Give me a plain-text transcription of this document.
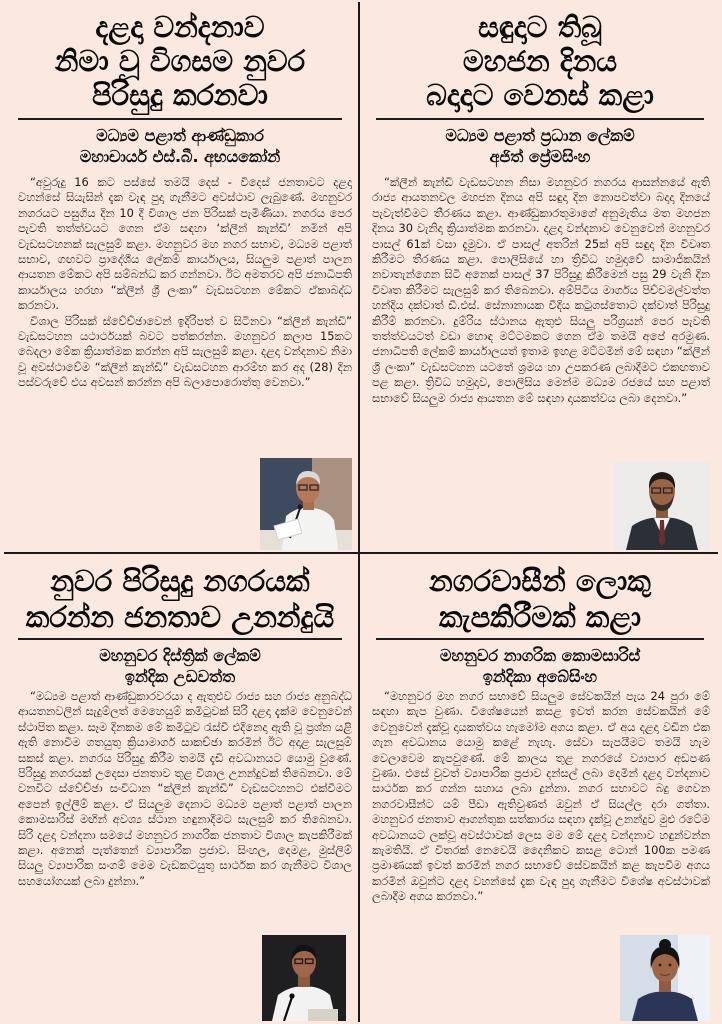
දළදා වන්දනාව
නිමා වූ විගසම නුවර
පිරිසුදු කරනවා
මධ්‍යම පළාත් ආණ්ඩුකාර
මහාචාර්ය එස්.බී. අභයකෝන්

“අවුරුදු 16 කට පස්සේ තමයි දෙස් - විදෙස් ජනතාවට දළදා වහන්සේ සියැසින් දැක වැඳ පුදා ගැනීමට අවස්ථාව ලැබුණේ. මහනුවර නගරයට පසුගිය දින 10 දී විශාල ජන පිරිසක් පැමිණියා. නගරය පෙර පැවති තත්ත්වයට ගෙන ඒම සඳහා ‘ක්ලීන් කැන්ඩි’ නමින් අපි වැඩසටහනක් සැලසුම් කළා. මහනුවර මහ නගර සභාව, මධ්‍යම පළාත් සභාව, ගඟවට ප්‍රාදේශීය ලේකම් කාර්යාලය, සියලුම පළාත් පාලන ආයතන මේකට අපි සම්බන්ධ කර ගන්නවා. ඊට අමතරව අපි ජනාධිපති කාර්යාලය හරහා “ක්ලීන් ශ්‍රී ලංකා” වැඩසටහන මේකට ඒකාබද්ධ කරනවා.

විශාල පිරිසක් ස්වේච්ඡාවෙන් ඉදිරිපත් ව සිටිනවා “ක්ලීන් කැන්ඩි” වැඩසටහන යථාර්ථයක් බවට පත්කරන්න. මහනුවර කලාප 15කට බෙදලා මේක ක්‍රියාත්මක කරන්න අපි සැලසුම් කළා. දළදා වන්දනාව නිමා වූ අවස්ථාවේම “ක්ලීන් කැන්ඩි” වැඩසටහන ආරම්භ කර අද (28) දින පස්වරුවේ එය අවසන් කරන්න අපි බලාපොරොත්තු වෙනවා.”

සඳුදාට තිබූ
මහජන දිනය
බදාදාට වෙනස් කළා
මධ්‍යම පළාත් ප්‍රධාන ලේකම්
අජිත් ප්‍රේමසිංහ

“ක්ලීන් කැන්ඩි වැඩසටහන නිසා මහනුවර නගරය ආසන්නයේ ඇති රාජ්‍ය ආයතනවල මහජන දිනය අපි සඳුදා දින නොපවත්වා බදාදා දිනයේ පැවැත්වීමට තීරණය කළා. ආණ්ඩුකාරතුමාගේ අනුමැතිය මත මහජන දිනය 30 වැනිදා ක්‍රියාත්මක කරනවා. දළදා වන්දනාව වෙනුවෙන් මහනුවර පාසල් 61ක් වසා දැමුවා. ඒ පාසල් අතරින් 25ක් අපි සඳුදා දින විවෘත කිරීමට තීරණය කළා. පොලිසියේ හා ත්‍රිවිධ හමුදාවේ සාමාජිකයින් නවාතැන්ගෙන සිටි අනෙක් පාසල් 37 පිරිසුදු කිරීමෙන් පසු 29 වැනි දින විවෘත කිරීමට සැලසුම් කර තිබෙනවා. අම්පිටිය මාර්ගය පිච්චමල්වත්ත හන්දිය දක්වාත් ඩී.එස්. සේනානායක වීදිය කටුගස්තොට දක්වාත් පිරිසුදු කිරීම් කරනවා. දුම්රිය ස්ථානය ඇතුළු සියලු පරිශ්‍රයන් පෙර පැවති තත්ත්වයටත් වඩා හොඳ මට්ටමකට ගෙන ඒම තමයි අපේ අරමුණ. ජනාධිපති ලේකම් කාර්යාලයත් ඉතාම ඉහළ මට්ටමින් මේ සඳහා “ක්ලීන් ශ්‍රී ලංකා” වැඩසටහන යටතේ ශ්‍රමය හා උපකරණ ලබාදීමට එකඟතාව පළ කළා. ත්‍රිවිධ හමුදාව, පොලිසිය මෙන්ම මධ්‍යම රජයේ සහ පළාත් සභාවේ සියලුම රාජ්‍ය ආයතන මේ සඳහා දායකත්වය ලබා දෙනවා.”

නුවර පිරිසුදු නගරයක්
කරන්න ජනතාව උනන්දුයි
මහනුවර දිස්ත්‍රික් ලේකම්
ඉන්දික උඩවත්ත

“මධ්‍යම පළාත් ආණ්ඩුකාරවරයා ද ඇතුළුව රාජ්‍ය සහ රාජ්‍ය අනුබද්ධ ආයතනවලින් සැදුම්ලත් මෙහෙයුම් කමිටුවක් සිරි දළදා දැක්ම වෙනුවෙන් ස්ථාපිත කළා. සෑම දිනකම මේ කමිටුව රැස්වී එදිනෙදා ඇති වූ ප්‍රශ්න යළි ඇති නොවීම ගතයුතු ක්‍රියාමාර්ග සාකච්ඡා කරමින් ඊට අදාළ සැලසුම් සකස් කළා. නගරය පිරිසුදු කිරීම තමයි දැඩි අවධානයට යොමු වුණේ. පිරිසුදු නගරයක් උදෙසා ජනතාව තුළ විශාල උනන්දුවක් තිබෙනවා. මේ වනවිට ස්වේච්ඡා සංවිධාන “ක්ලීන් කැන්ඩි” වැඩසටහනට එක්වීමට අපෙන් ඉල්ලීම් කළා. ඒ සියලුම දෙනාට මධ්‍යම පළාත් පළාත් පාලන කොමසාරිස් මඟින් අවශ්‍ය ස්ථාන හඳුනාදීමට සැලසුම් කර තිබෙනවා. සිරි දළදා වන්දනා සමයේ මහනුවර නාගරික ජනතාව විශාල කැපකිරීමක් කළා. අනෙක් පැත්තෙන් ව්‍යාපාරික ප්‍රජාව. සිංහල, දෙමළ, මුස්ලිම් සියලු ව්‍යාපාරික සංගම් මෙම වැඩකටයුතු සාර්ථක කර ගැනීමට විශාල සහයෝගයක් ලබා දුන්නා.”

නගරවාසීන් ලොකු
කැපකිරීමක් කළා
මහනුවර නාගරික කොමසාරිස්
ඉන්දිකා අබේසිංහ

“මහනුවර මහ නගර සභාවේ සියලුම සේවකයින් පැය 24 පුරා මේ සඳහා කැප වුණා. විශේෂයෙන් කසළ ඉවත් කරන සේවකයින් මේ වෙනුවෙන් දැක්වූ දායකත්වය හැමෝම අගය කළා. ඒ අය දළදා වඩින එක ගැන අවධානය යොමු කළේ නැහැ. සේවා සැපයීමට තමයි හැම වෙලාවෙම කැපවුණේ. මේ කාලය තුළ නගරයේ ව්‍යාපාර අඩපණ වුණා. එසේ වුවත් ව්‍යාපාරික ප්‍රජාව දන්සල් ලබා දෙමින් දළදා වන්දනාව සාර්ථක කර ගන්න සහාය ලබා දුන්නා. නගර සභාවට බදු ගෙවන නගරවාසීන්ට යම් පීඩා ඇතිවුණත් ඔවුන් ඒ සියල්ල දරා ගත්තා. මහනුවර ජනතාව ආගන්තුක සත්කාරය සඳහා දැක්වූ උනන්දුව මුළු රටේම අවධානයට ලක්වූ අවස්ථාවක් ලෙස මම මේ දළදා වන්දනාව හඳුන්වන්න කැමතියි. ඒ විතරක් නෙවෙයි දෛනිකව කසළ ටොන් 100ක පමණ ප්‍රමාණයක් ඉවත් කරමින් නගර සභාවේ සේවකයින් කළ කැපවීම අගය කරමින් ඔවුන්ට දළදා වහන්සේ දැක වැඳ පුදා ගැනීමට විශේෂ අවස්ථාවක් ලබාදීම අගය කරනවා.”
